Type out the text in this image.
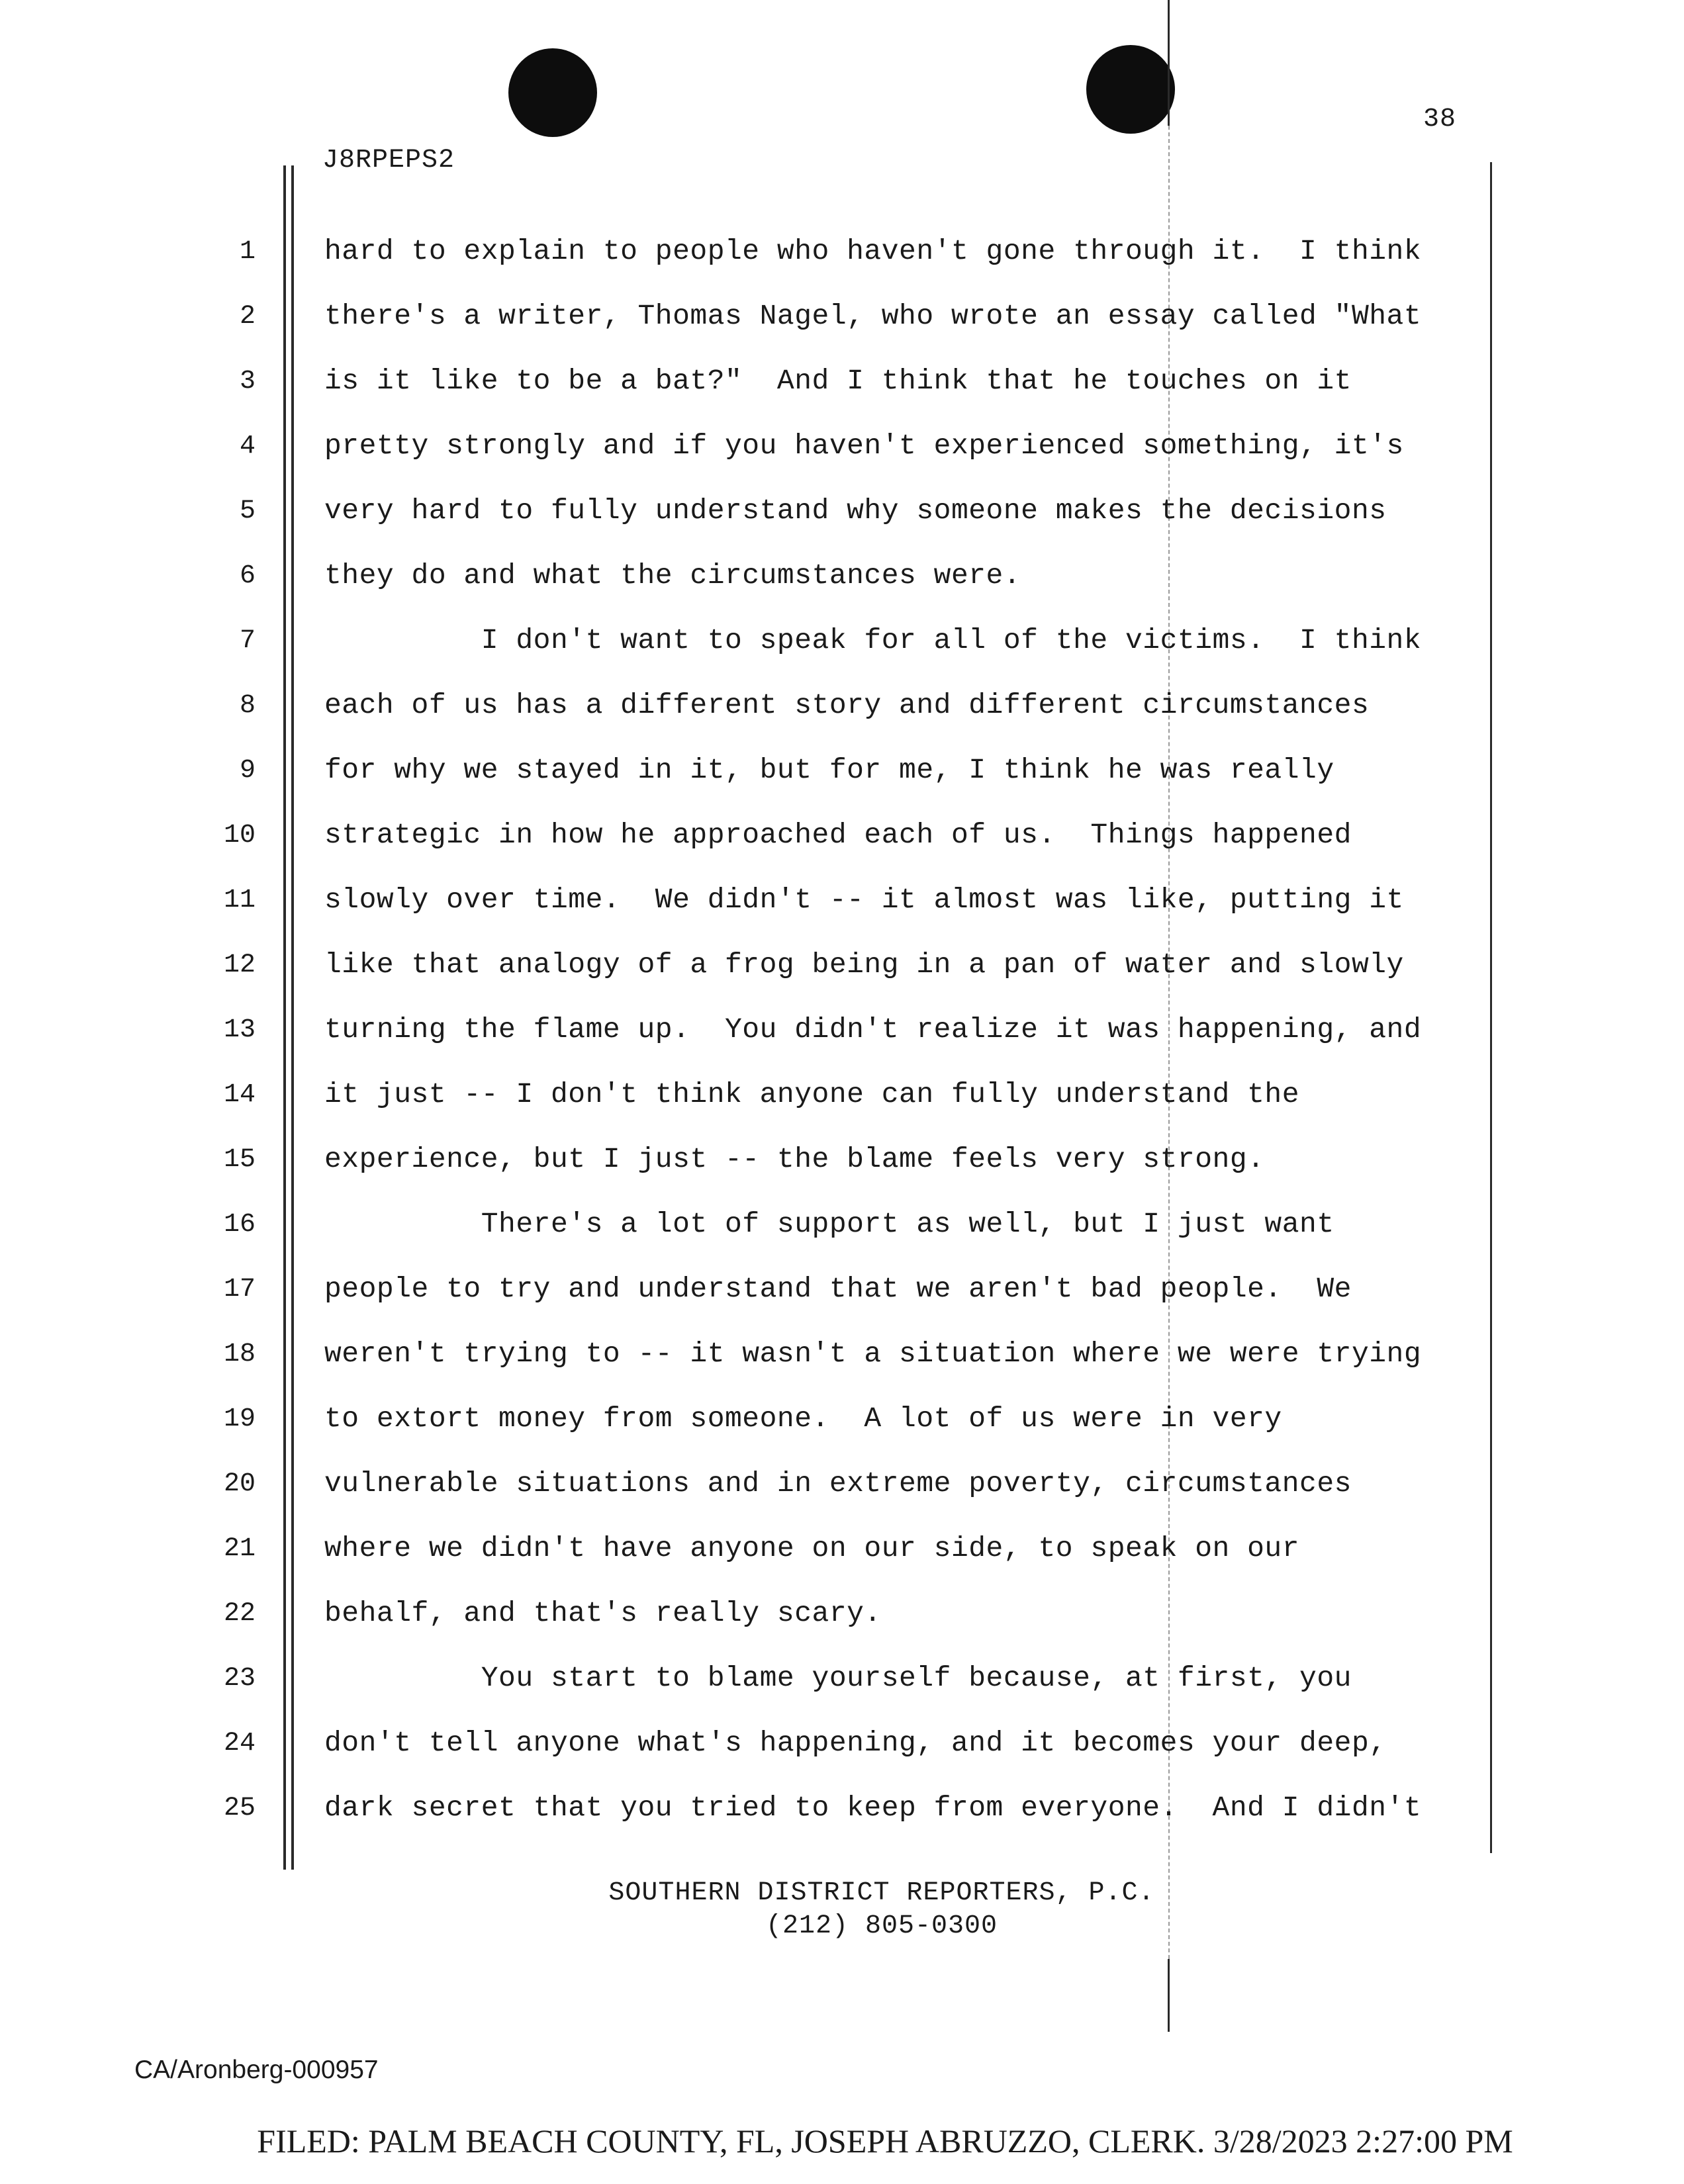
38
J8RPEPS2
1 hard to explain to people who haven't gone through it.  I think
2 there's a writer, Thomas Nagel, who wrote an essay called "What
3 is it like to be a bat?"  And I think that he touches on it
4 pretty strongly and if you haven't experienced something, it's
5 very hard to fully understand why someone makes the decisions
6 they do and what the circumstances were.
7 I don't want to speak for all of the victims.  I think
8 each of us has a different story and different circumstances
9 for why we stayed in it, but for me, I think he was really
10 strategic in how he approached each of us.  Things happened
11 slowly over time.  We didn't -- it almost was like, putting it
12 like that analogy of a frog being in a pan of water and slowly
13 turning the flame up.  You didn't realize it was happening, and
14 it just -- I don't think anyone can fully understand the
15 experience, but I just -- the blame feels very strong.
16 There's a lot of support as well, but I just want
17 people to try and understand that we aren't bad people.  We
18 weren't trying to -- it wasn't a situation where we were trying
19 to extort money from someone.  A lot of us were in very
20 vulnerable situations and in extreme poverty, circumstances
21 where we didn't have anyone on our side, to speak on our
22 behalf, and that's really scary.
23 You start to blame yourself because, at first, you
24 don't tell anyone what's happening, and it becomes your deep,
25 dark secret that you tried to keep from everyone.  And I didn't
SOUTHERN DISTRICT REPORTERS, P.C.
(212) 805-0300
CA/Aronberg-000957
FILED: PALM BEACH COUNTY, FL, JOSEPH ABRUZZO, CLERK. 3/28/2023 2:27:00 PM
